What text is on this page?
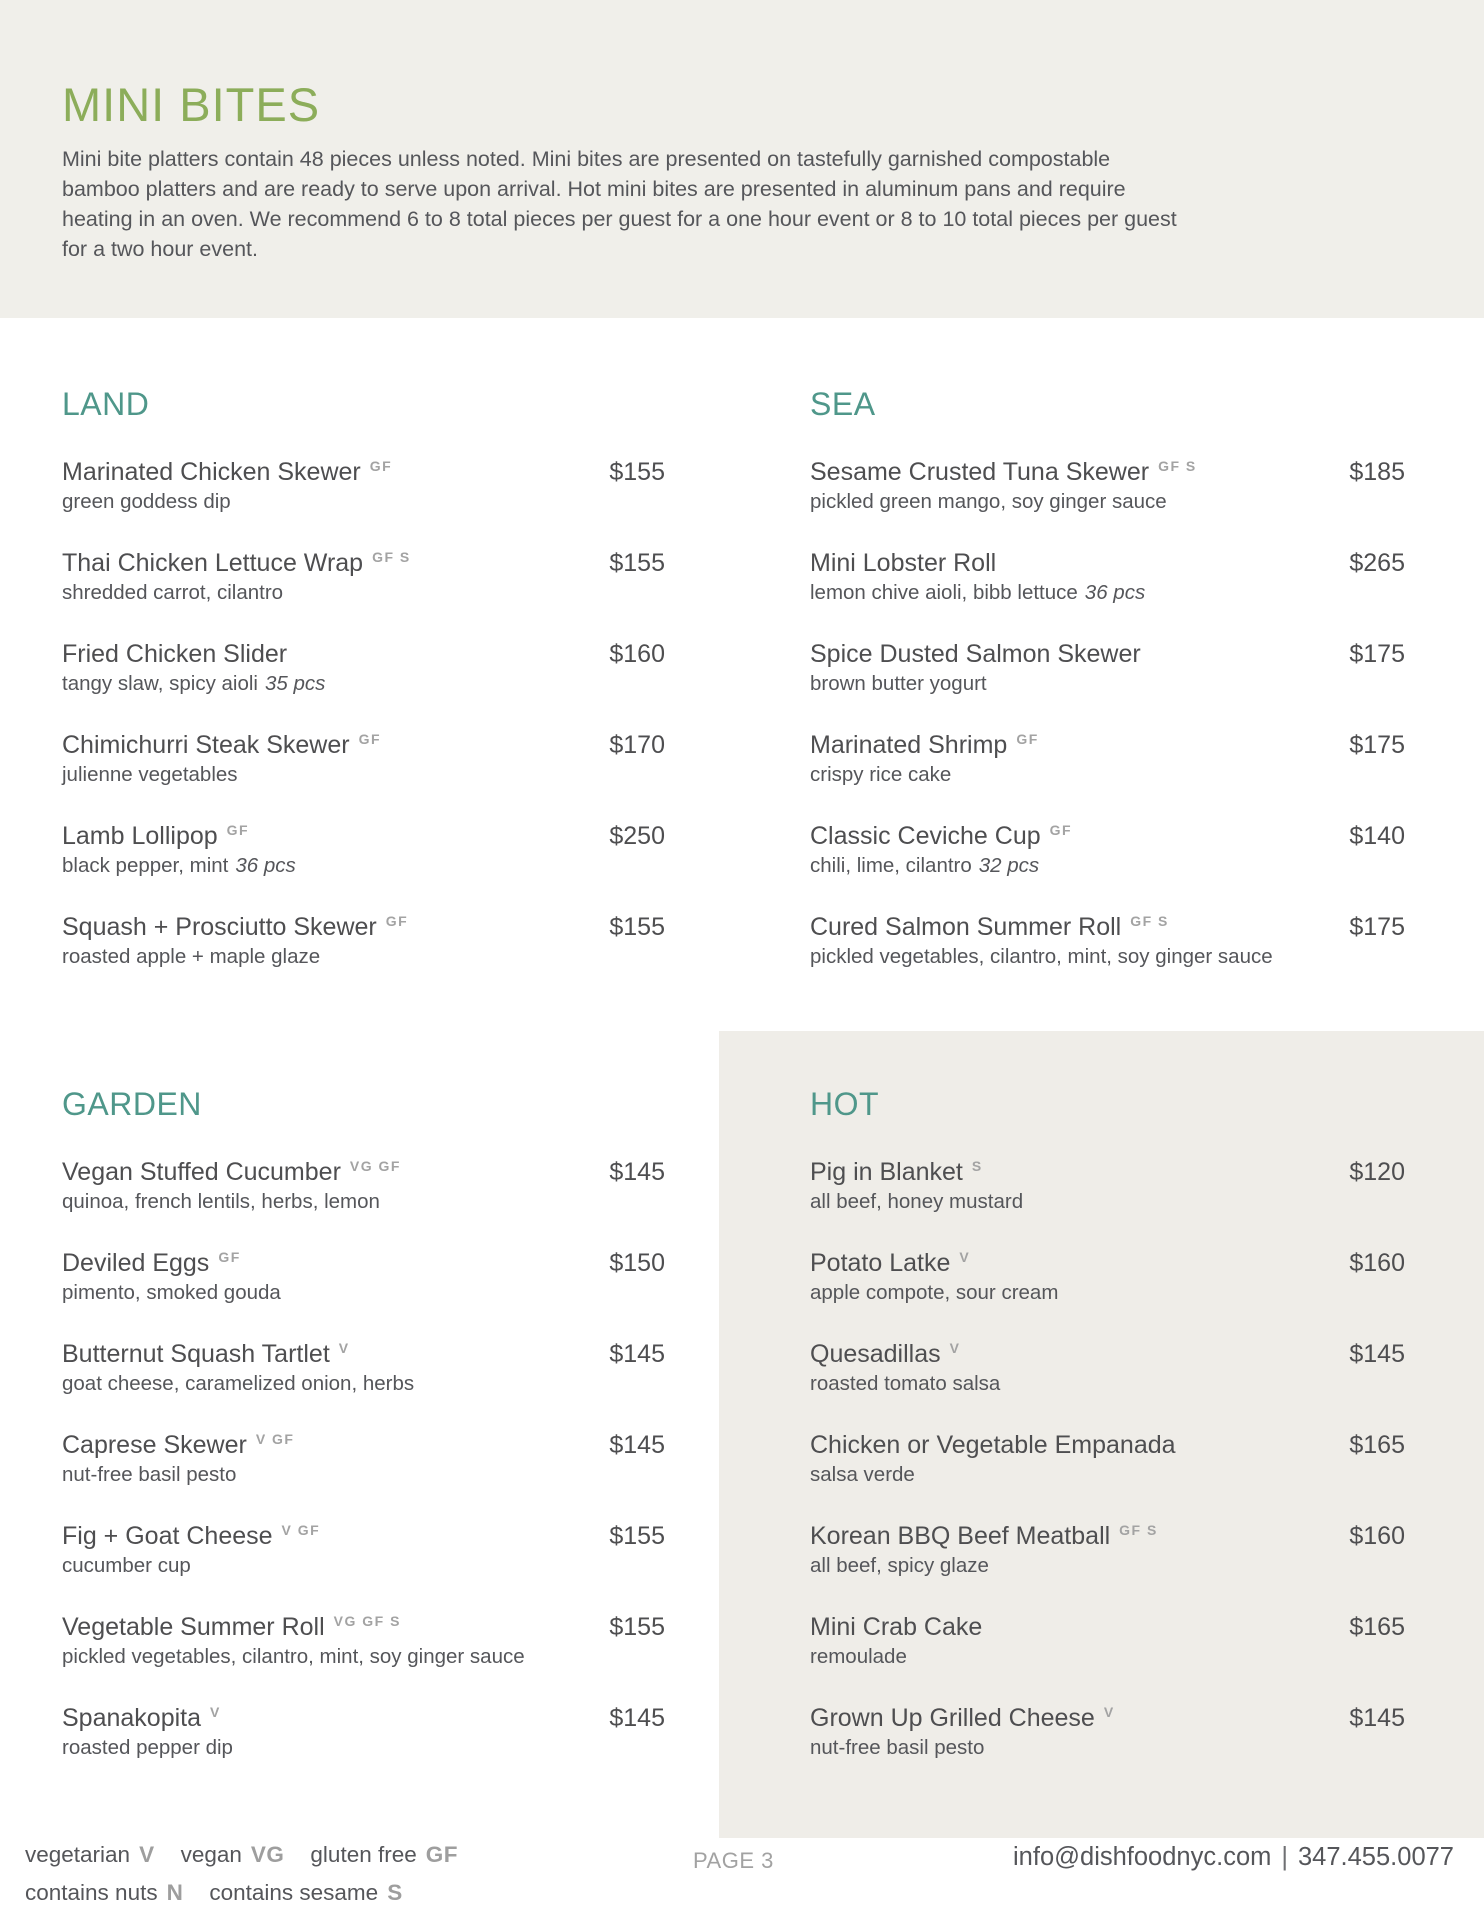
MINI BITES
Mini bite platters contain 48 pieces unless noted. Mini bites are presented on tastefully garnished compostable
bamboo platters and are ready to serve upon arrival. Hot mini bites are presented in aluminum pans and require
heating in an oven. We recommend 6 to 8 total pieces per guest for a one hour event or 8 to 10 total pieces per guest
for a two hour event.
LAND
Marinated Chicken Skewer GF	$155
green goddess dip
Thai Chicken Lettuce Wrap GF S	$155
shredded carrot, cilantro
Fried Chicken Slider	$160
tangy slaw, spicy aioli 35 pcs
Chimichurri Steak Skewer GF	$170
julienne vegetables
Lamb Lollipop GF	$250
black pepper, mint 36 pcs
Squash + Prosciutto Skewer GF	$155
roasted apple + maple glaze
SEA
Sesame Crusted Tuna Skewer GF S	$185
pickled green mango, soy ginger sauce
Mini Lobster Roll	$265
lemon chive aioli, bibb lettuce 36 pcs
Spice Dusted Salmon Skewer	$175
brown butter yogurt
Marinated Shrimp GF	$175
crispy rice cake
Classic Ceviche Cup GF	$140
chili, lime, cilantro 32 pcs
Cured Salmon Summer Roll GF S	$175
pickled vegetables, cilantro, mint, soy ginger sauce
GARDEN
Vegan Stuffed Cucumber VG GF	$145
quinoa, french lentils, herbs, lemon
Deviled Eggs GF	$150
pimento, smoked gouda
Butternut Squash Tartlet V	$145
goat cheese, caramelized onion, herbs
Caprese Skewer V GF	$145
nut-free basil pesto
Fig + Goat Cheese V GF	$155
cucumber cup
Vegetable Summer Roll VG GF S	$155
pickled vegetables, cilantro, mint, soy ginger sauce
Spanakopita V	$145
roasted pepper dip
HOT
Pig in Blanket S	$120
all beef, honey mustard
Potato Latke V	$160
apple compote, sour cream
Quesadillas V	$145
roasted tomato salsa
Chicken or Vegetable Empanada	$165
salsa verde
Korean BBQ Beef Meatball GF S	$160
all beef, spicy glaze
Mini Crab Cake	$165
remoulade
Grown Up Grilled Cheese V	$145
nut-free basil pesto
vegetarian V vegan VG gluten free GF
contains nuts N contains sesame S
PAGE 3	info@dishfoodnyc.com | 347.455.0077
